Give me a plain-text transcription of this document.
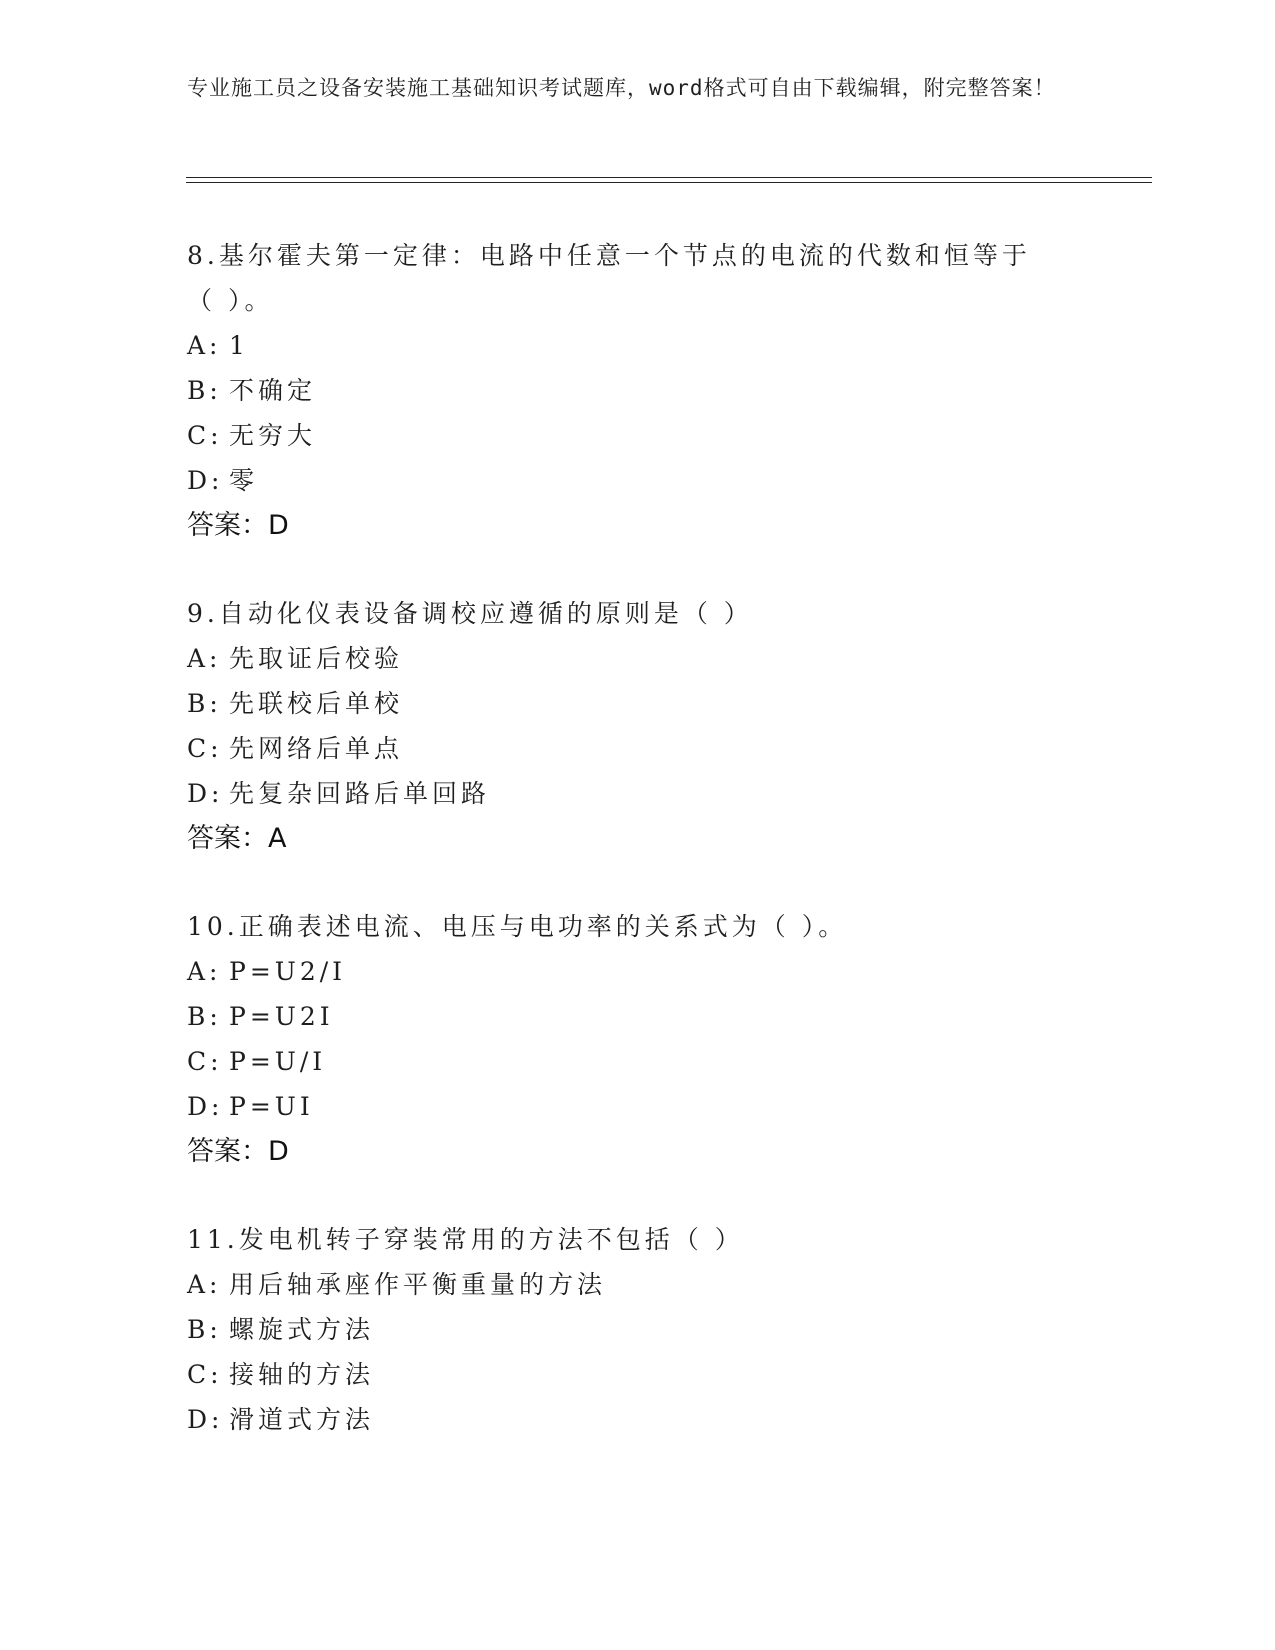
专业施工员之设备安装施工基础知识考试题库，word格式可自由下载编辑，附完整答案！
8.基尔霍夫第一定律：电路中任意一个节点的电流的代数和恒等于（ ）。
A: 1
B: 不确定
C: 无穷大
D: 零
答案：D
9.自动化仪表设备调校应遵循的原则是（ ）
A: 先取证后校验
B: 先联校后单校
C: 先网络后单点
D: 先复杂回路后单回路
答案：A
10.正确表述电流、电压与电功率的关系式为（ ）。
A: P=U2/I
B: P=U2I
C: P=U/I
D: P=UI
答案：D
11.发电机转子穿装常用的方法不包括（ ）
A: 用后轴承座作平衡重量的方法
B: 螺旋式方法
C: 接轴的方法
D: 滑道式方法
